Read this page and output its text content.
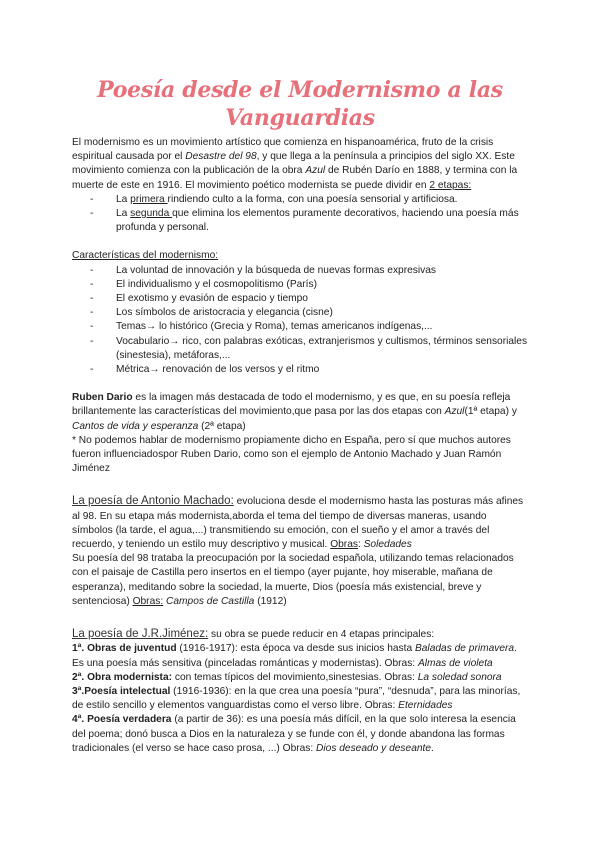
Poesía desde el Modernismo a las Vanguardias

El modernismo es un movimiento artístico que comienza en hispanoamérica, fruto de la crisis espiritual causada por el Desastre del 98, y que llega a la península a principios del siglo XX. Este movimiento comienza con la publicación de la obra Azul de Rubén Darío en 1888, y termina con la muerte de este en 1916. El movimiento poético modernista se puede dividir en 2 etapas:

- La primera rindiendo culto a la forma, con una poesía sensorial y artificiosa.
- La segunda que elimina los elementos puramente decorativos, haciendo una poesía más profunda y personal.

Características del modernismo:

- La voluntad de innovación y la búsqueda de nuevas formas expresivas
- El individualismo y el cosmopolitismo (París)
- El exotismo y evasión de espacio y tiempo
- Los símbolos de aristocracia y elegancia (cisne)
- Temas→ lo histórico (Grecia y Roma), temas americanos indígenas,...
- Vocabulario→ rico, con palabras exóticas, extranjerismos y cultismos, términos sensoriales (sinestesia), metáforas,...
- Métrica→ renovación de los versos y el ritmo

Ruben Dario es la imagen más destacada de todo el modernismo, y es que, en su poesía refleja brillantemente las características del movimiento,que pasa por las dos etapas con Azul(1ª etapa) y Cantos de vida y esperanza (2ª etapa)

* No podemos hablar de modernismo propiamente dicho en España, pero sí que muchos autores fueron influenciadospor Ruben Dario, como son el ejemplo de Antonio Machado y Juan Ramón Jiménez

La poesía de Antonio Machado: evoluciona desde el modernismo hasta las posturas más afines al 98. En su etapa más modernista,aborda el tema del tiempo de diversas maneras, usando símbolos (la tarde, el agua,...) transmitiendo su emoción, con el sueño y el amor a través del recuerdo, y teniendo un estilo muy descriptivo y musical. Obras: Soledades

Su poesía del 98 trataba la preocupación por la sociedad española, utilizando temas relacionados con el paisaje de Castilla pero insertos en el tiempo (ayer pujante, hoy miserable, mañana de esperanza), meditando sobre la sociedad, la muerte, Dios (poesía más existencial, breve y sentenciosa) Obras: Campos de Castilla (1912)

La poesía de J.R.Jiménez: su obra se puede reducir en 4 etapas principales:

1ª. Obras de juventud (1916-1917): esta época va desde sus inicios hasta Baladas de primavera. Es una poesía más sensitiva (pinceladas románticas y modernistas). Obras: Almas de violeta

2ª. Obra modernista: con temas típicos del movimiento,sinestesias. Obras: La soledad sonora

3ª.Poesía intelectual (1916-1936): en la que crea una poesía “pura”, “desnuda”, para las minorías, de estilo sencillo y elementos vanguardistas como el verso libre. Obras: Eternidades

4ª. Poesía verdadera (a partir de 36): es una poesía más difícil, en la que solo interesa la esencia del poema; donó busca a Dios en la naturaleza y se funde con él, y donde abandona las formas tradicionales (el verso se hace caso prosa, ...) Obras: Dios deseado y deseante.
